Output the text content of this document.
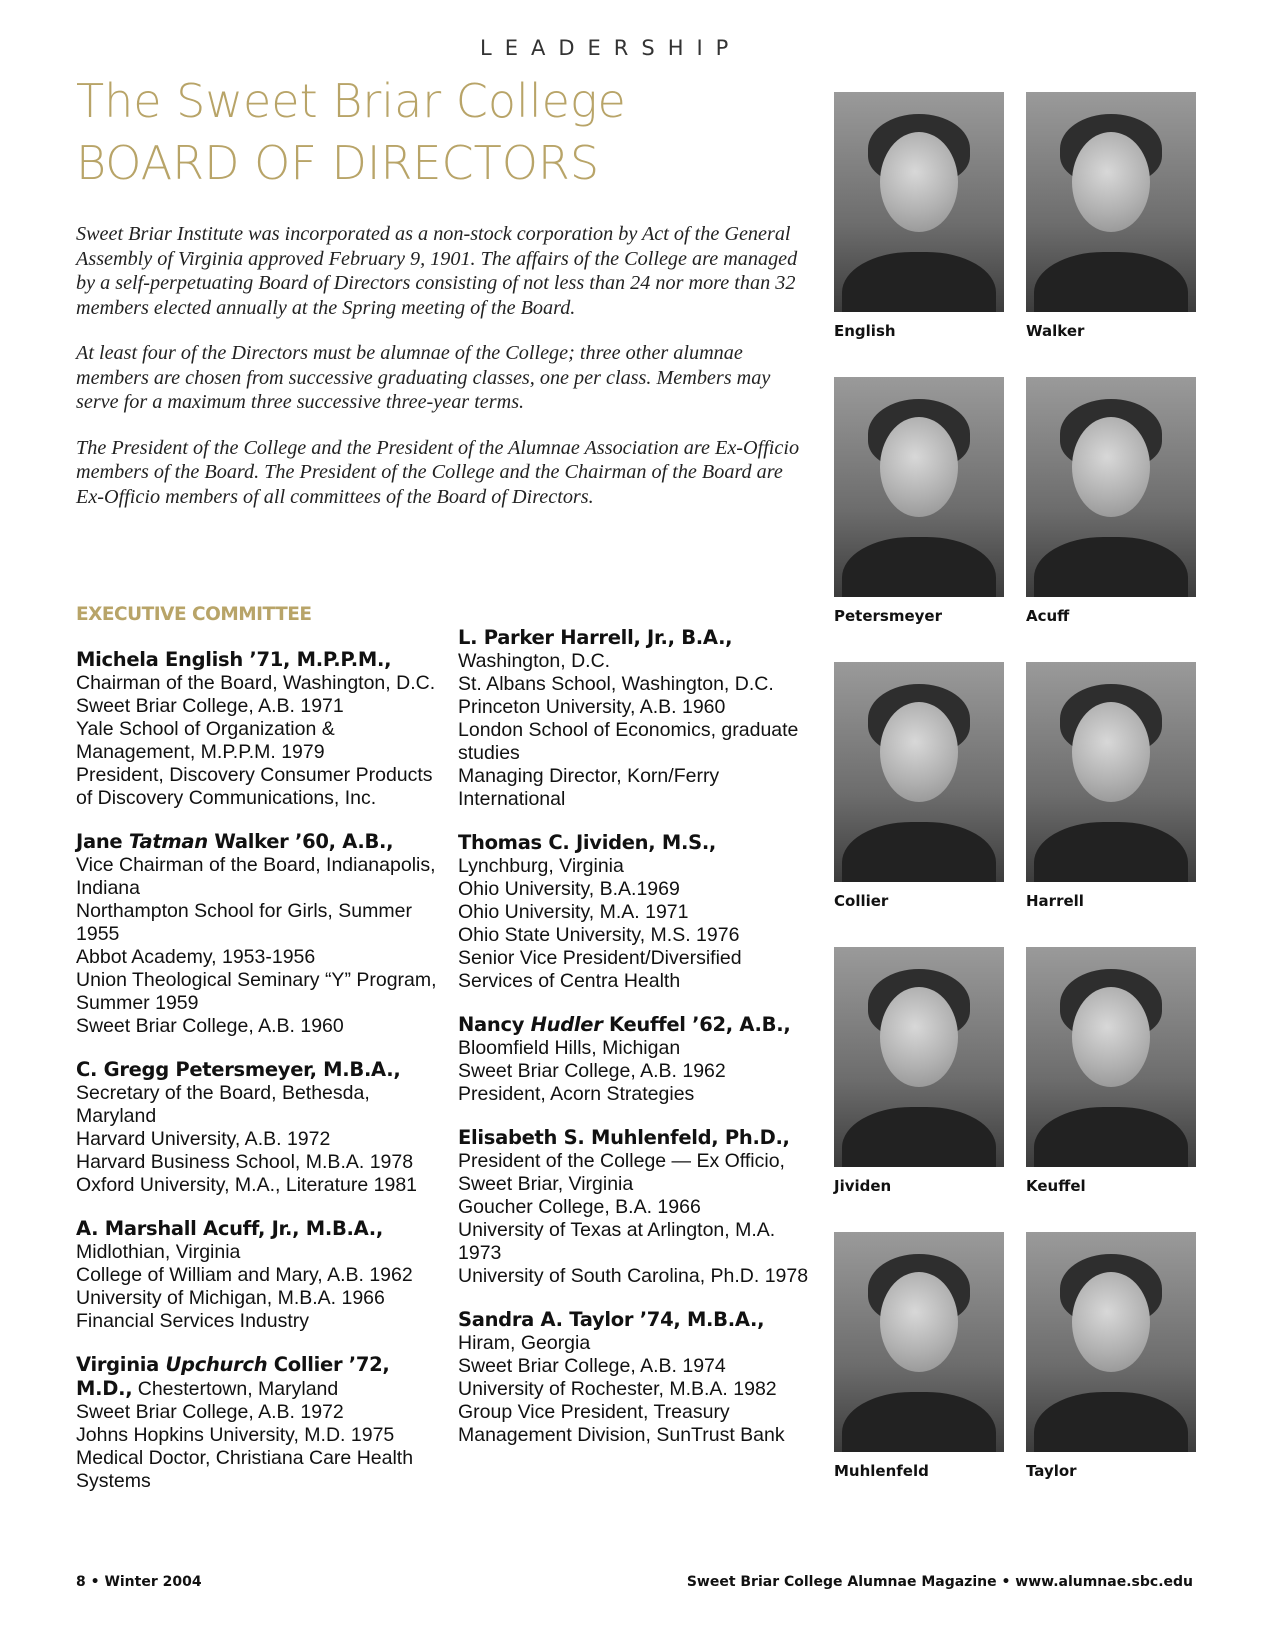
LEADERSHIP
The Sweet Briar College
BOARD OF DIRECTORS

Sweet Briar Institute was incorporated as a non-stock corporation by Act of the General Assembly of Virginia approved February 9, 1901. The affairs of the College are managed by a self-perpetuating Board of Directors consisting of not less than 24 nor more than 32 members elected annually at the Spring meeting of the Board.

At least four of the Directors must be alumnae of the College; three other alumnae members are chosen from successive graduating classes, one per class. Members may serve for a maximum three successive three-year terms.

The President of the College and the President of the Alumnae Association are Ex-Officio members of the Board. The President of the College and the Chairman of the Board are Ex-Officio members of all committees of the Board of Directors.

EXECUTIVE COMMITTEE
Michela English ’71, M.P.P.M.,
Chairman of the Board, Washington, D.C.
Sweet Briar College, A.B. 1971
Yale School of Organization & Management, M.P.P.M. 1979
President, Discovery Consumer Products of Discovery Communications, Inc.
Jane Tatman Walker ’60, A.B.,
Vice Chairman of the Board, Indianapolis, Indiana
Northampton School for Girls, Summer 1955
Abbot Academy, 1953-1956
Union Theological Seminary “Y” Program, Summer 1959
Sweet Briar College, A.B. 1960
C. Gregg Petersmeyer, M.B.A.,
Secretary of the Board, Bethesda, Maryland
Harvard University, A.B. 1972
Harvard Business School, M.B.A. 1978
Oxford University, M.A., Literature 1981
A. Marshall Acuff, Jr., M.B.A.,
Midlothian, Virginia
College of William and Mary, A.B. 1962
University of Michigan, M.B.A. 1966
Financial Services Industry
Virginia Upchurch Collier ’72, M.D., Chestertown, Maryland
Sweet Briar College, A.B. 1972
Johns Hopkins University, M.D. 1975
Medical Doctor, Christiana Care Health Systems
L. Parker Harrell, Jr., B.A.,
Washington, D.C.
St. Albans School, Washington, D.C.
Princeton University, A.B. 1960
London School of Economics, graduate studies
Managing Director, Korn/Ferry International
Thomas C. Jividen, M.S.,
Lynchburg, Virginia
Ohio University, B.A.1969
Ohio University, M.A. 1971
Ohio State University, M.S. 1976
Senior Vice President/Diversified Services of Centra Health
Nancy Hudler Keuffel ’62, A.B.,
Bloomfield Hills, Michigan
Sweet Briar College, A.B. 1962
President, Acorn Strategies
Elisabeth S. Muhlenfeld, Ph.D.,
President of the College — Ex Officio, Sweet Briar, Virginia
Goucher College, B.A. 1966
University of Texas at Arlington, M.A. 1973
University of South Carolina, Ph.D. 1978
Sandra A. Taylor ’74, M.B.A.,
Hiram, Georgia
Sweet Briar College, A.B. 1974
University of Rochester, M.B.A. 1982
Group Vice President, Treasury Management Division, SunTrust Bank
English	Walker
Petersmeyer	Acuff
Collier	Harrell
Jividen	Keuffel
Muhlenfeld	Taylor
8 • Winter 2004	Sweet Briar College Alumnae Magazine • www.alumnae.sbc.edu
